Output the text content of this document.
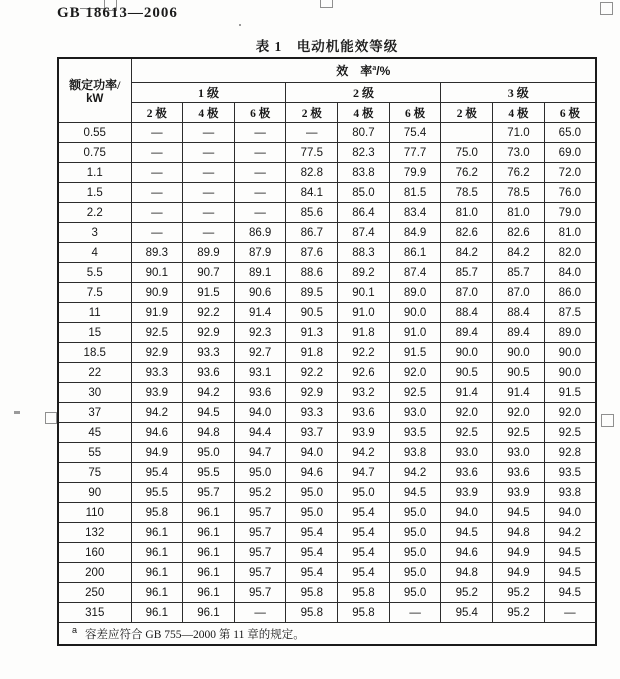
GB 18613—2006
表 1　电动机能效等级
额定功率/
kW	效　率$^a$/%								
	1 级			2 级			3 级		
	2 极	4 极	6 极	2 极	4 极	6 极	2 极	4 极	6 极
0.55	—	—	—	—	80.7	75.4		71.0	65.0
0.75	—	—	—	77.5	82.3	77.7	75.0	73.0	69.0
1.1	—	—	—	82.8	83.8	79.9	76.2	76.2	72.0
1.5	—	—	—	84.1	85.0	81.5	78.5	78.5	76.0
2.2	—	—	—	85.6	86.4	83.4	81.0	81.0	79.0
3	—	—	86.9	86.7	87.4	84.9	82.6	82.6	81.0
4	89.3	89.9	87.9	87.6	88.3	86.1	84.2	84.2	82.0
5.5	90.1	90.7	89.1	88.6	89.2	87.4	85.7	85.7	84.0
7.5	90.9	91.5	90.6	89.5	90.1	89.0	87.0	87.0	86.0
11	91.9	92.2	91.4	90.5	91.0	90.0	88.4	88.4	87.5
15	92.5	92.9	92.3	91.3	91.8	91.0	89.4	89.4	89.0
18.5	92.9	93.3	92.7	91.8	92.2	91.5	90.0	90.0	90.0
22	93.3	93.6	93.1	92.2	92.6	92.0	90.5	90.5	90.0
30	93.9	94.2	93.6	92.9	93.2	92.5	91.4	91.4	91.5
37	94.2	94.5	94.0	93.3	93.6	93.0	92.0	92.0	92.0
45	94.6	94.8	94.4	93.7	93.9	93.5	92.5	92.5	92.5
55	94.9	95.0	94.7	94.0	94.2	93.8	93.0	93.0	92.8
75	95.4	95.5	95.0	94.6	94.7	94.2	93.6	93.6	93.5
90	95.5	95.7	95.2	95.0	95.0	94.5	93.9	93.9	93.8
110	95.8	96.1	95.7	95.0	95.4	95.0	94.0	94.5	94.0
132	96.1	96.1	95.7	95.4	95.4	95.0	94.5	94.8	94.2
160	96.1	96.1	95.7	95.4	95.4	95.0	94.6	94.9	94.5
200	96.1	96.1	95.7	95.4	95.4	95.0	94.8	94.9	94.5
250	96.1	96.1	95.7	95.8	95.8	95.0	95.2	95.2	94.5
315	96.1	96.1	—	95.8	95.8	—	95.4	95.2	—
$^a$ 容差应符合 GB 755—2000 第 11 章的规定。									
